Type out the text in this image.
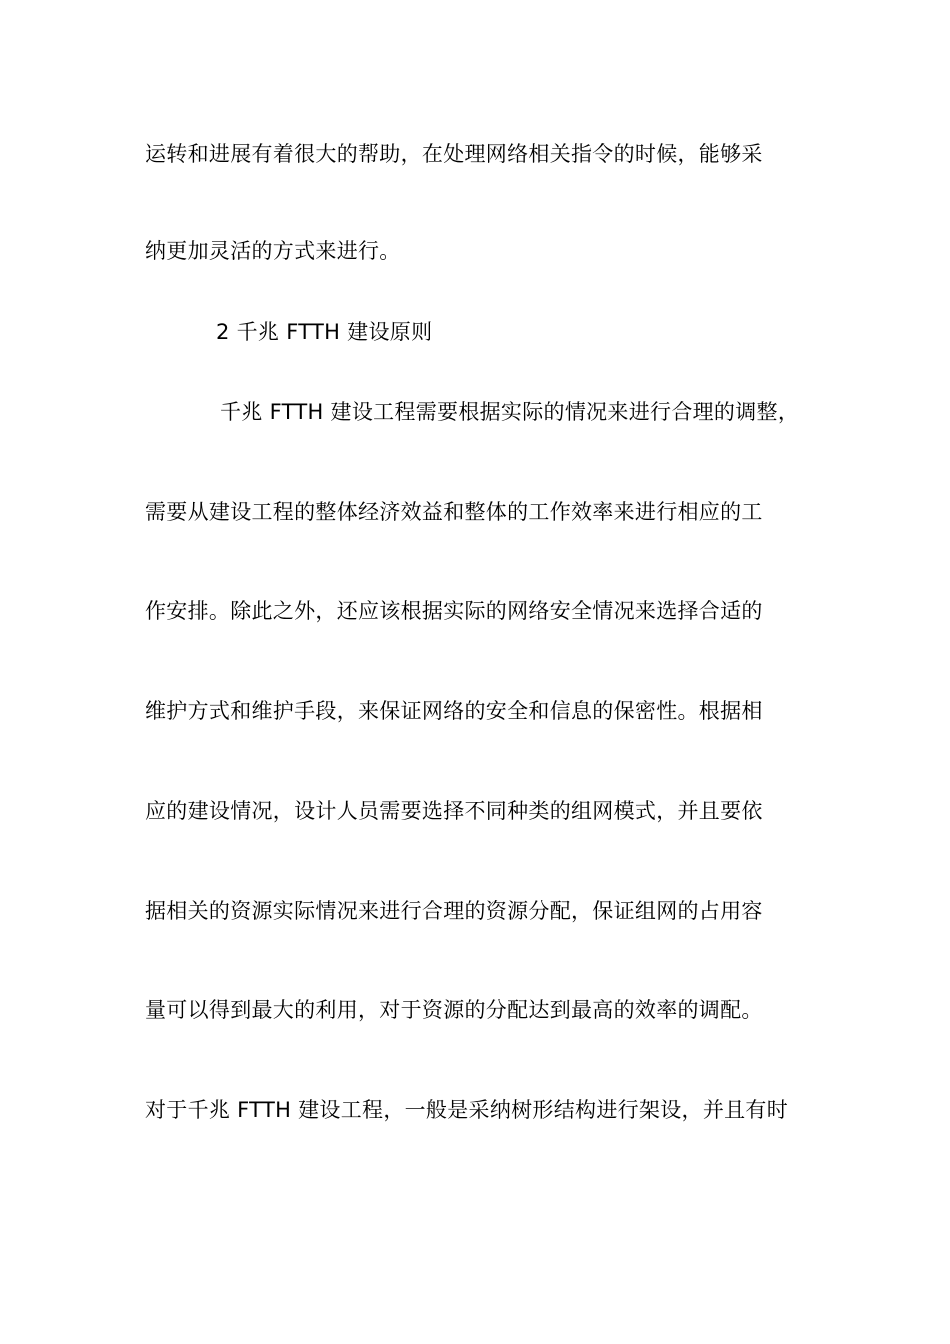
运转和进展有着很大的帮助，在处理网络相关指令的时候，能够采
纳更加灵活的方式来进行。
2 千兆 FTTH 建设原则
千兆 FTTH 建设工程需要根据实际的情况来进行合理的调整，
需要从建设工程的整体经济效益和整体的工作效率来进行相应的工
作安排。除此之外，还应该根据实际的网络安全情况来选择合适的
维护方式和维护手段，来保证网络的安全和信息的保密性。根据相
应的建设情况，设计人员需要选择不同种类的组网模式，并且要依
据相关的资源实际情况来进行合理的资源分配，保证组网的占用容
量可以得到最大的利用，对于资源的分配达到最高的效率的调配。
对于千兆 FTTH 建设工程，一般是采纳树形结构进行架设，并且有时
